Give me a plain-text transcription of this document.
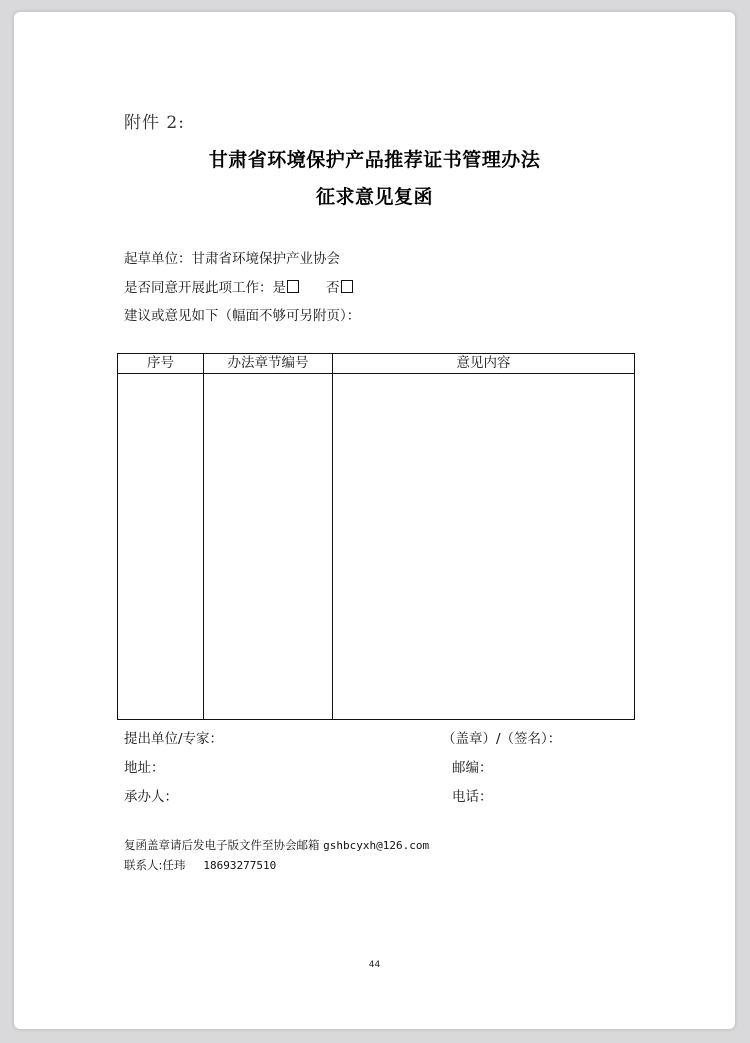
附件 2:
甘肃省环境保护产品推荐证书管理办法
征求意见复函
起草单位：甘肃省环境保护产业协会
是否同意开展此项工作：是	否
建议或意见如下（幅面不够可另附页）：
序号	办法章节编号	意见内容

提出单位/专家：	（盖章）/（签名）：
地址：	邮编：
承办人：	电话：
复函盖章请后发电子版文件至协会邮箱 gshbcyxh@126.com
联系人:任玮 18693277510
44
